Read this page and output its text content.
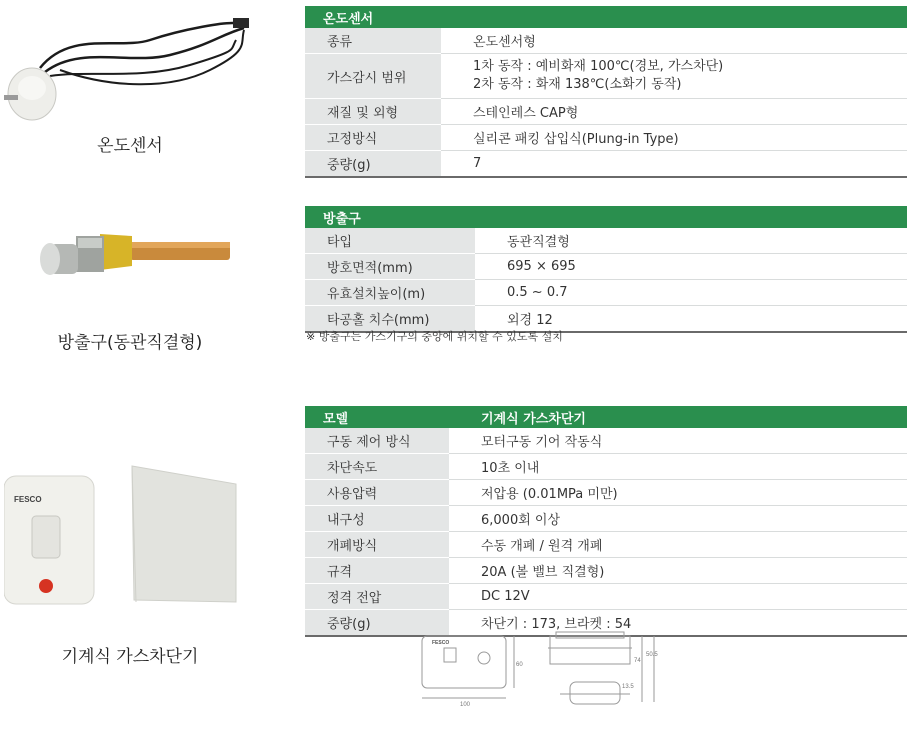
온도센서
온도센서	
종류	온도센서형
가스감시 범위	1차 동작 : 예비화재 100℃(경보, 가스차단)
2차 동작 : 화재 138℃(소화기 동작)

재질 및 외형	스테인레스 CAP형
고정방식	실리콘 패킹 삽입식(Plung-in Type)
중량(g)	7
방출구(동관직결형)
방출구	
타입	동관직결형
방호면적(mm)	695 × 695
유효설치높이(m)	0.5 ~ 0.7
타공홀 치수(mm)	외경 12
※ 방출구는 가스기구의 중앙에 위치할 수 있도록 설치
FESCO
기계식 가스차단기
모델	기계식 가스차단기
구동 제어 방식	모터구동 기어 작동식
차단속도	10초 이내
사용압력	저압용 (0.01MPa 미만)
내구성	6,000회 이상
개폐방식	수동 개폐 / 원격 개폐
규격	20A (볼 밸브 직결형)
정격 전압	DC 12V
중량(g)	차단기 : 173, 브라켓 : 54
FESCO
100
60
74
50.5
13.5
